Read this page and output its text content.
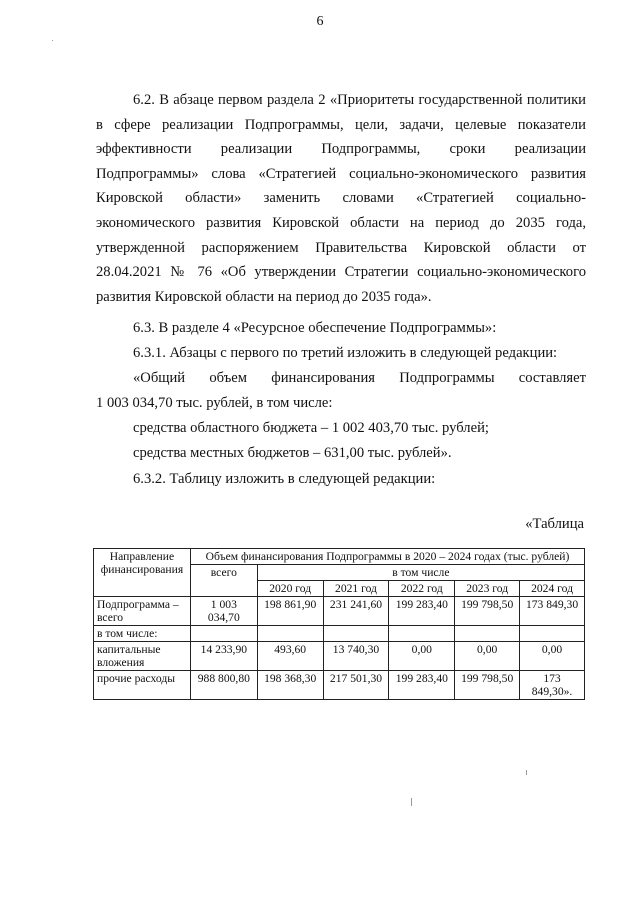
6

6.2. В абзаце первом раздела 2 «Приоритеты государственной политики в сфере реализации Подпрограммы, цели, задачи, целевые показатели эффективности реализации Подпрограммы, сроки реализации Подпрограммы» слова «Стратегией социально-экономического развития Кировской области» заменить словами «Стратегией социально-экономического развития Кировской области на период до 2035 года, утвержденной распоряжением Правительства Кировской области от 28.04.2021 № 76 «Об утверждении Стратегии социально-экономического развития Кировской области на период до 2035 года».

6.3. В разделе 4 «Ресурсное обеспечение Подпрограммы»:

6.3.1. Абзацы с первого по третий изложить в следующей редакции:

«Общий объем финансирования Подпрограммы составляет

1 003 034,70 тыс. рублей, в том числе:

средства областного бюджета – 1 002 403,70 тыс. рублей;

средства местных бюджетов – 631,00 тыс. рублей».

6.3.2. Таблицу изложить в следующей редакции:

«Таблица
Направление финансирования	Объем финансирования Подпрограммы в 2020 – 2024 годах (тыс. рублей)					
	всего	в том числе				
		2020 год	2021 год	2022 год	2023 год	2024 год
Подпрограмма – всего	1 003 034,70	198 861,90	231 241,60	199 283,40	199 798,50	173 849,30
в том числе:						
капитальные вложения	14 233,90	493,60	13 740,30	0,00	0,00	0,00
прочие расходы	988 800,80	198 368,30	217 501,30	199 283,40	199 798,50	173 849,30».
